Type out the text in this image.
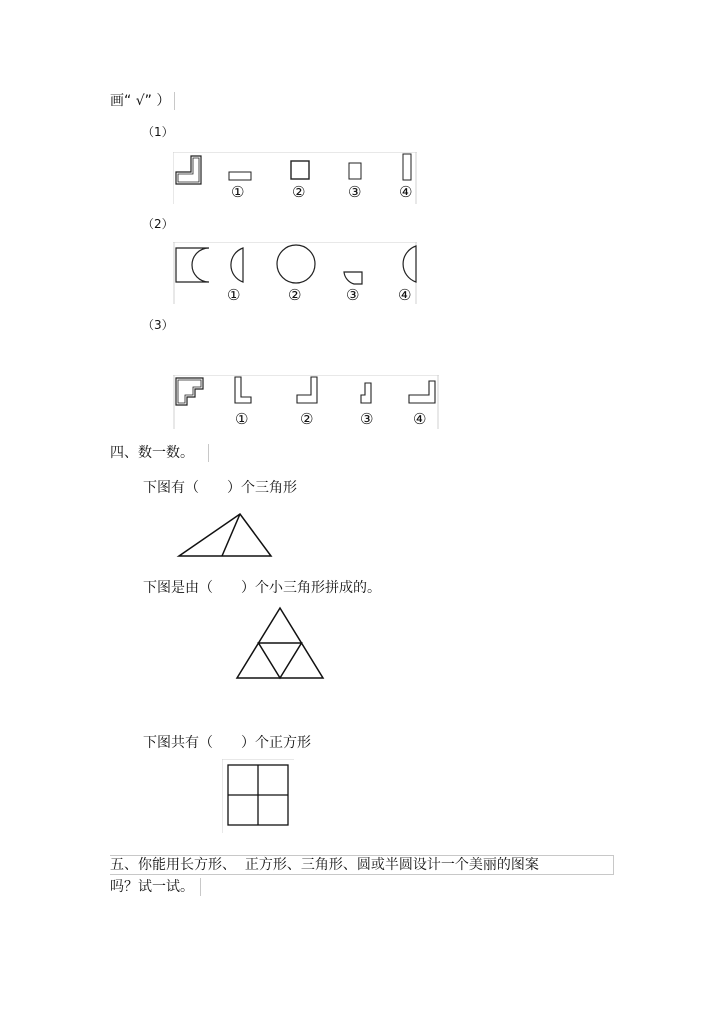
画“ √” ）
（1）
①	②	③	④
（2）
①	②	③	④
（3）
①	②	③	④
四、数一数。
下图有（　　）个三角形
下图是由（　　）个小三角形拼成的。
下图共有（　　）个正方形
五、你能用长方形、  正方形、三角形、圆或半圆设计一个美丽的图案
吗？试一试。
